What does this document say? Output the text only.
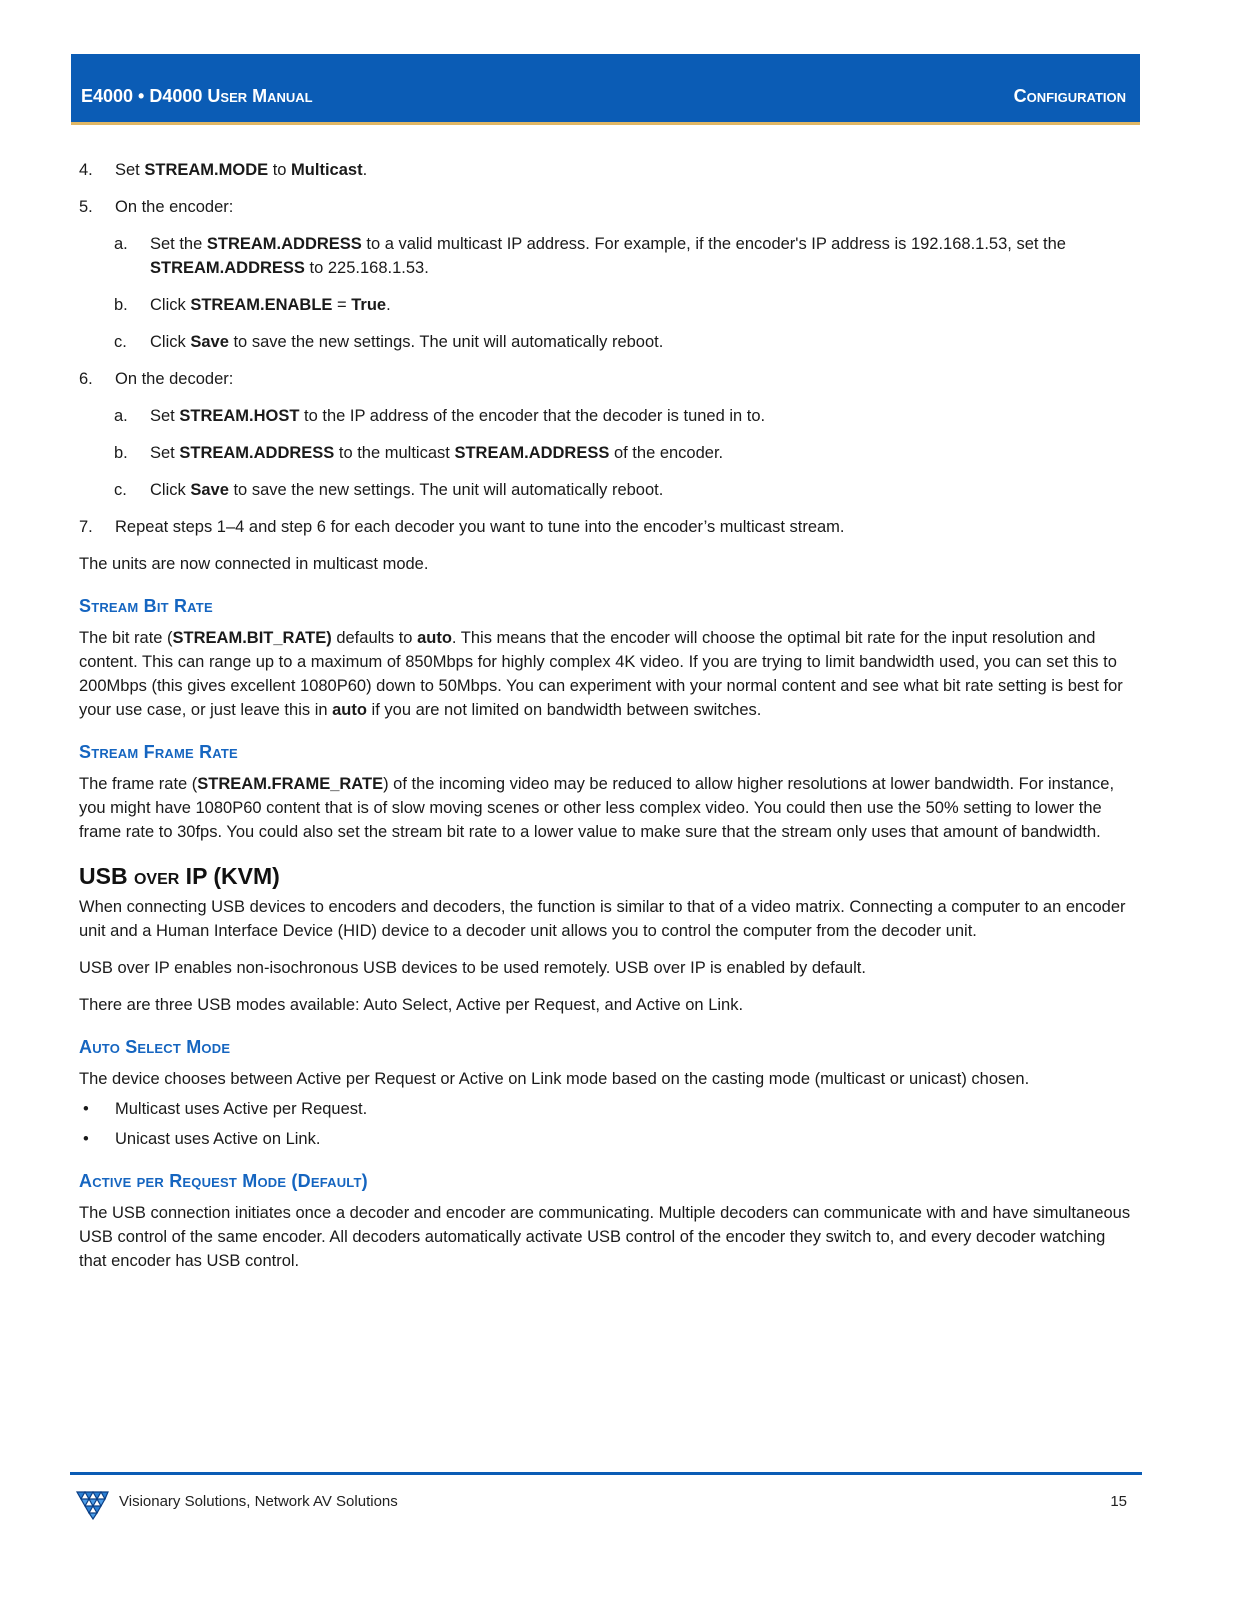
E4000 • D4000 User Manual	Configuration
4. Set STREAM.MODE to Multicast.
5. On the encoder:
a. Set the STREAM.ADDRESS to a valid multicast IP address. For example, if the encoder's IP address is 192.168.1.53, set the STREAM.ADDRESS to 225.168.1.53.
b. Click STREAM.ENABLE = True.
c. Click Save to save the new settings. The unit will automatically reboot.
6. On the decoder:
a. Set STREAM.HOST to the IP address of the encoder that the decoder is tuned in to.
b. Set STREAM.ADDRESS to the multicast STREAM.ADDRESS of the encoder.
c. Click Save to save the new settings. The unit will automatically reboot.
7. Repeat steps 1–4 and step 6 for each decoder you want to tune into the encoder’s multicast stream.

The units are now connected in multicast mode.

Stream Bit Rate

The bit rate (STREAM.BIT_RATE) defaults to auto. This means that the encoder will choose the optimal bit rate for the input resolution and content. This can range up to a maximum of 850Mbps for highly complex 4K video. If you are trying to limit bandwidth used, you can set this to 200Mbps (this gives excellent 1080P60) down to 50Mbps. You can experiment with your normal content and see what bit rate setting is best for your use case, or just leave this in auto if you are not limited on bandwidth between switches.

Stream Frame Rate

The frame rate (STREAM.FRAME_RATE) of the incoming video may be reduced to allow higher resolutions at lower bandwidth. For instance, you might have 1080P60 content that is of slow moving scenes or other less complex video. You could then use the 50% setting to lower the frame rate to 30fps. You could also set the stream bit rate to a lower value to make sure that the stream only uses that amount of bandwidth.

USB over IP (KVM)

When connecting USB devices to encoders and decoders, the function is similar to that of a video matrix. Connecting a computer to an encoder unit and a Human Interface Device (HID) device to a decoder unit allows you to control the computer from the decoder unit.

USB over IP enables non-isochronous USB devices to be used remotely. USB over IP is enabled by default.

There are three USB modes available: Auto Select, Active per Request, and Active on Link.

Auto Select Mode

The device chooses between Active per Request or Active on Link mode based on the casting mode (multicast or unicast) chosen.

• Multicast uses Active per Request.
• Unicast uses Active on Link.
Active per Request Mode (Default)

The USB connection initiates once a decoder and encoder are communicating. Multiple decoders can communicate with and have simultaneous USB control of the same encoder. All decoders automatically activate USB control of the encoder they switch to, and every decoder watching that encoder has USB control.

Visionary Solutions, Network AV Solutions	15
